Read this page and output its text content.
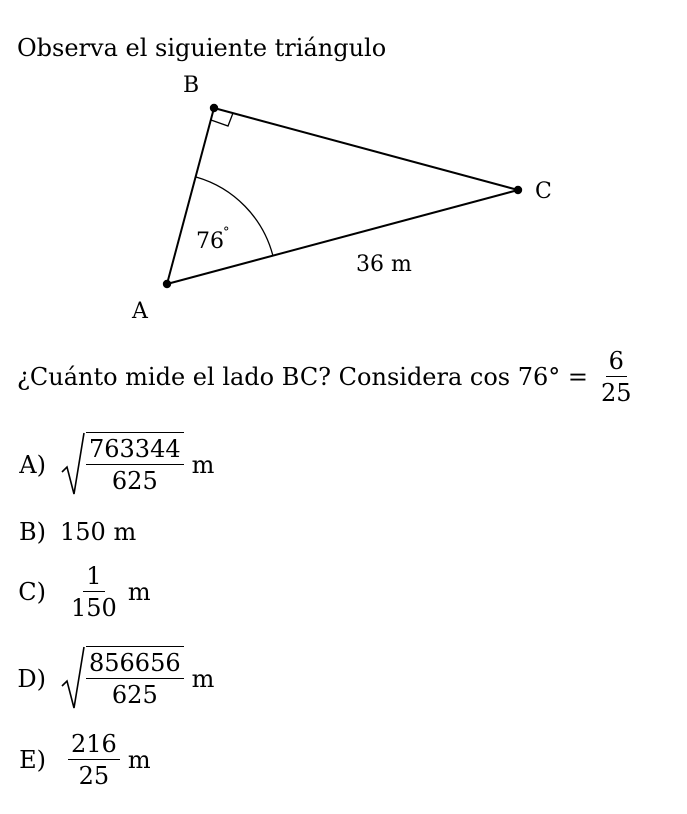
Observa el siguiente triángulo
B
C
A
76 °
36 m
¿Cuánto mide el lado BC? Considera $\cos 76^\circ = \frac{6}{25}$
$A) \frac{763344}{625}$ m
B) 150 m
$C) \frac{1}{150}$ m
$D) \frac{856656}{625}$ m
$E) \frac{216}{25}$ m
